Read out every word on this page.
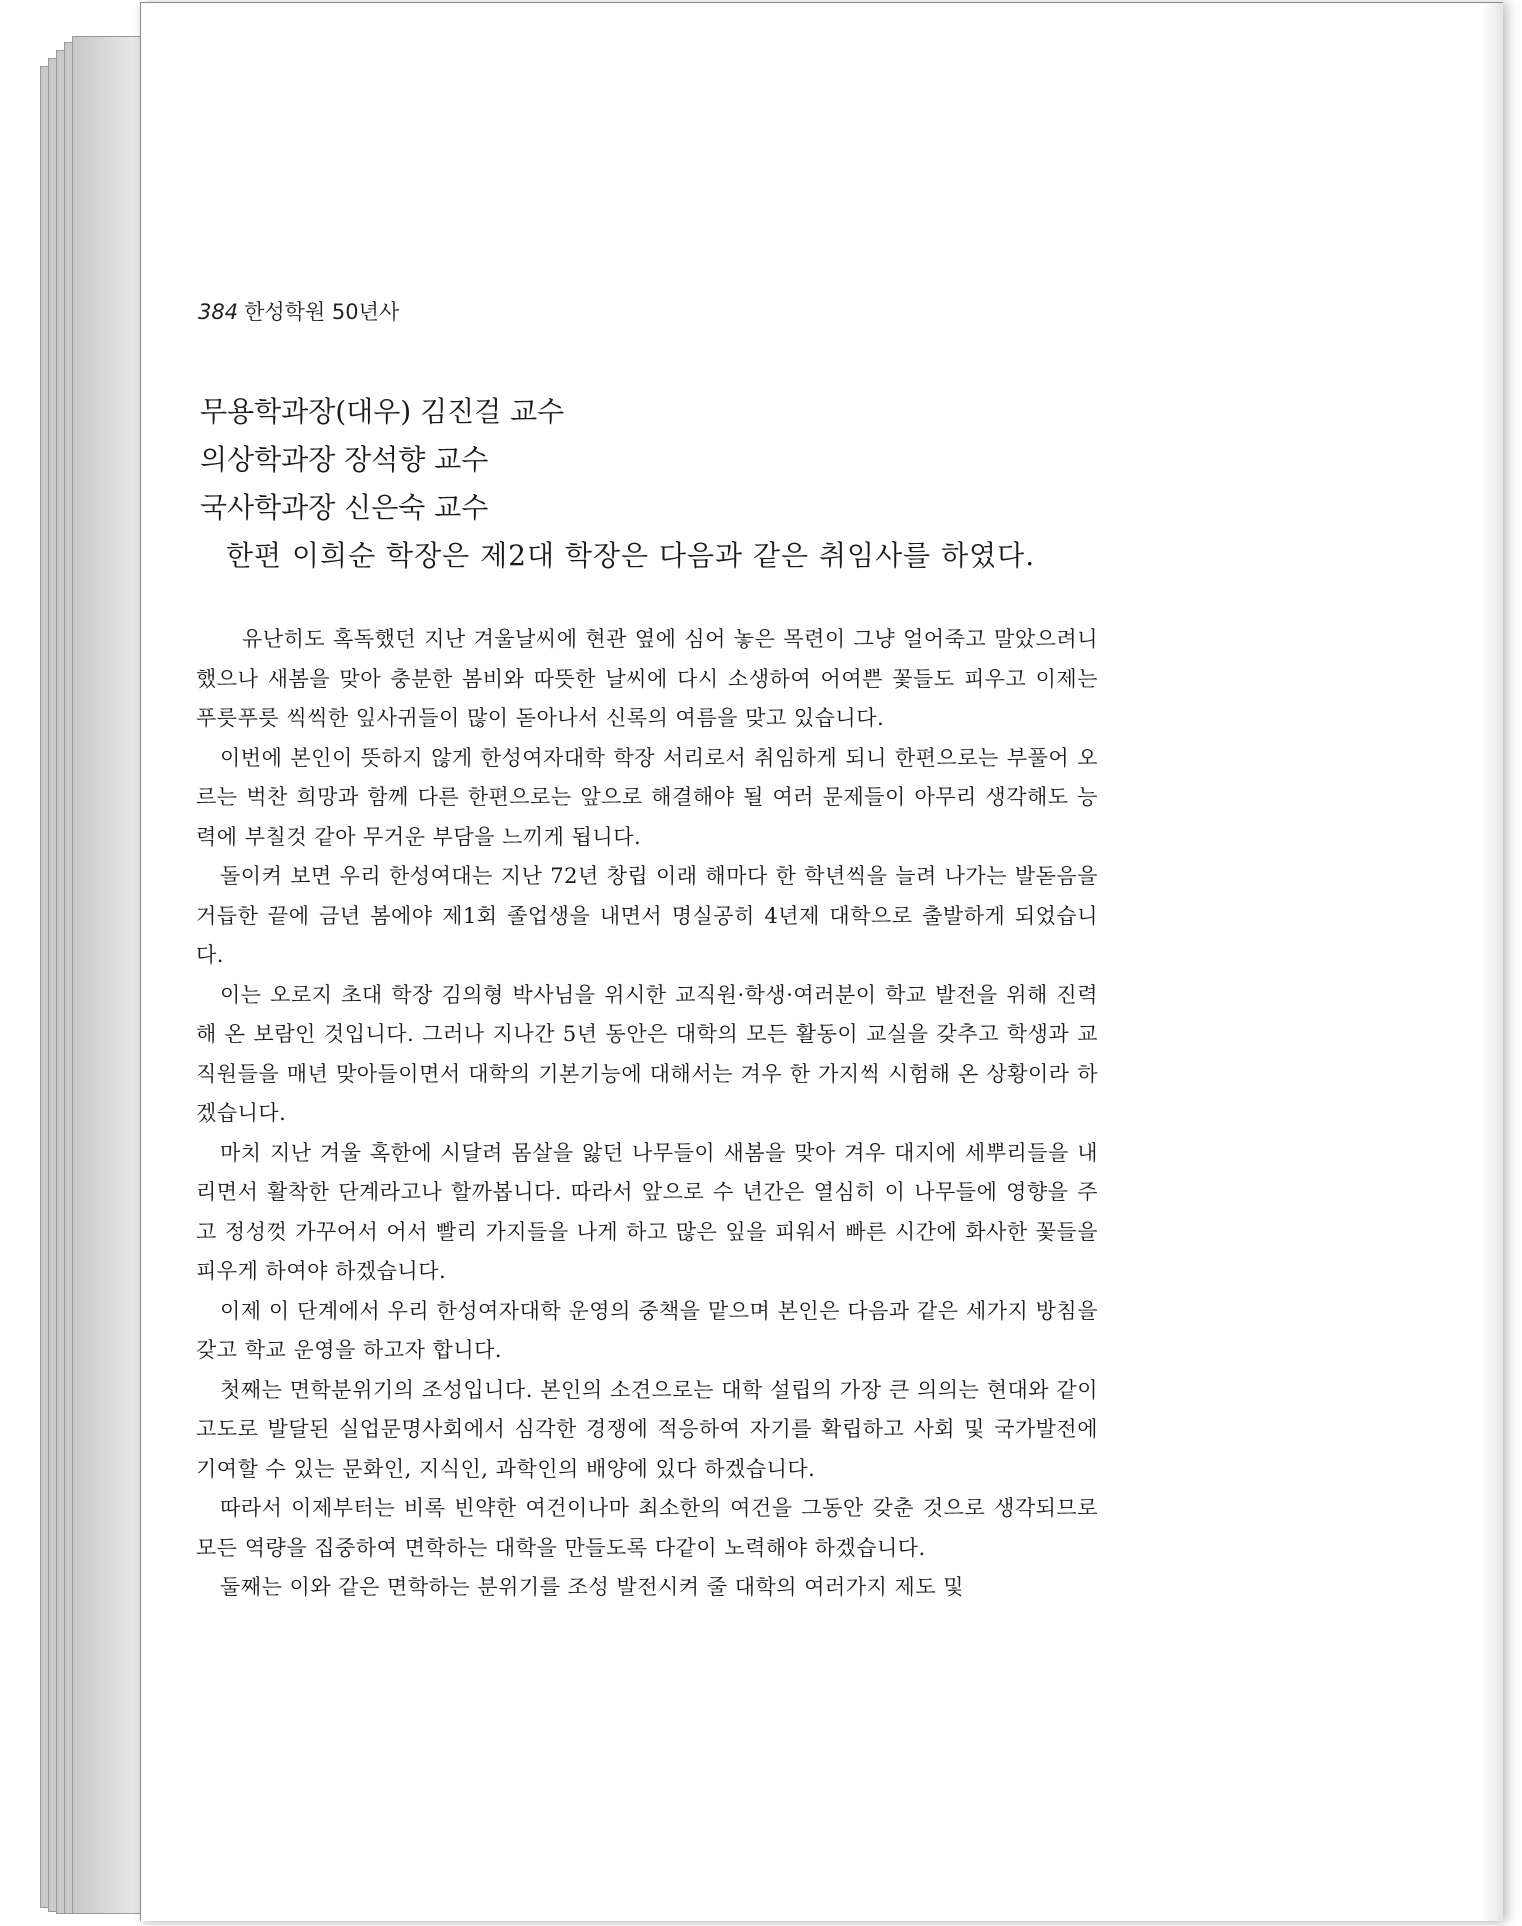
384 한성학원 50년사
무용학과장(대우) 김진걸 교수
의상학과장 장석향 교수
국사학과장 신은숙 교수
한편 이희순 학장은 제2대 학장은 다음과 같은 취임사를 하였다.

유난히도 혹독했던 지난 겨울날씨에 현관 옆에 심어 놓은 목련이 그냥 얼어죽고 말았으려니 했으나 새봄을 맞아 충분한 봄비와 따뜻한 날씨에 다시 소생하여 어여쁜 꽃들도 피우고 이제는 푸릇푸릇 씩씩한 잎사귀들이 많이 돋아나서 신록의 여름을 맞고 있습니다.

이번에 본인이 뜻하지 않게 한성여자대학 학장 서리로서 취임하게 되니 한편으로는 부풀어 오르는 벅찬 희망과 함께 다른 한편으로는 앞으로 해결해야 될 여러 문제들이 아무리 생각해도 능력에 부칠것 같아 무거운 부담을 느끼게 됩니다.

돌이켜 보면 우리 한성여대는 지난 72년 창립 이래 해마다 한 학년씩을 늘려 나가는 발돋음을 거듭한 끝에 금년 봄에야 제1회 졸업생을 내면서 명실공히 4년제 대학으로 출발하게 되었습니다.

이는 오로지 초대 학장 김의형 박사님을 위시한 교직원·학생·여러분이 학교 발전을 위해 진력해 온 보람인 것입니다. 그러나 지나간 5년 동안은 대학의 모든 활동이 교실을 갖추고 학생과 교직원들을 매년 맞아들이면서 대학의 기본기능에 대해서는 겨우 한 가지씩 시험해 온 상황이라 하겠습니다.

마치 지난 겨울 혹한에 시달려 몸살을 앓던 나무들이 새봄을 맞아 겨우 대지에 세뿌리들을 내리면서 활착한 단계라고나 할까봅니다. 따라서 앞으로 수 년간은 열심히 이 나무들에 영향을 주고 정성껏 가꾸어서 어서 빨리 가지들을 나게 하고 많은 잎을 피워서 빠른 시간에 화사한 꽃들을 피우게 하여야 하겠습니다.

이제 이 단계에서 우리 한성여자대학 운영의 중책을 맡으며 본인은 다음과 같은 세가지 방침을 갖고 학교 운영을 하고자 합니다.

첫째는 면학분위기의 조성입니다. 본인의 소견으로는 대학 설립의 가장 큰 의의는 현대와 같이 고도로 발달된 실업문명사회에서 심각한 경쟁에 적응하여 자기를 확립하고 사회 및 국가발전에 기여할 수 있는 문화인, 지식인, 과학인의 배양에 있다 하겠습니다.

따라서 이제부터는 비록 빈약한 여건이나마 최소한의 여건을 그동안 갖춘 것으로 생각되므로 모든 역량을 집중하여 면학하는 대학을 만들도록 다같이 노력해야 하겠습니다.

둘째는 이와 같은 면학하는 분위기를 조성 발전시켜 줄 대학의 여러가지 제도 및
